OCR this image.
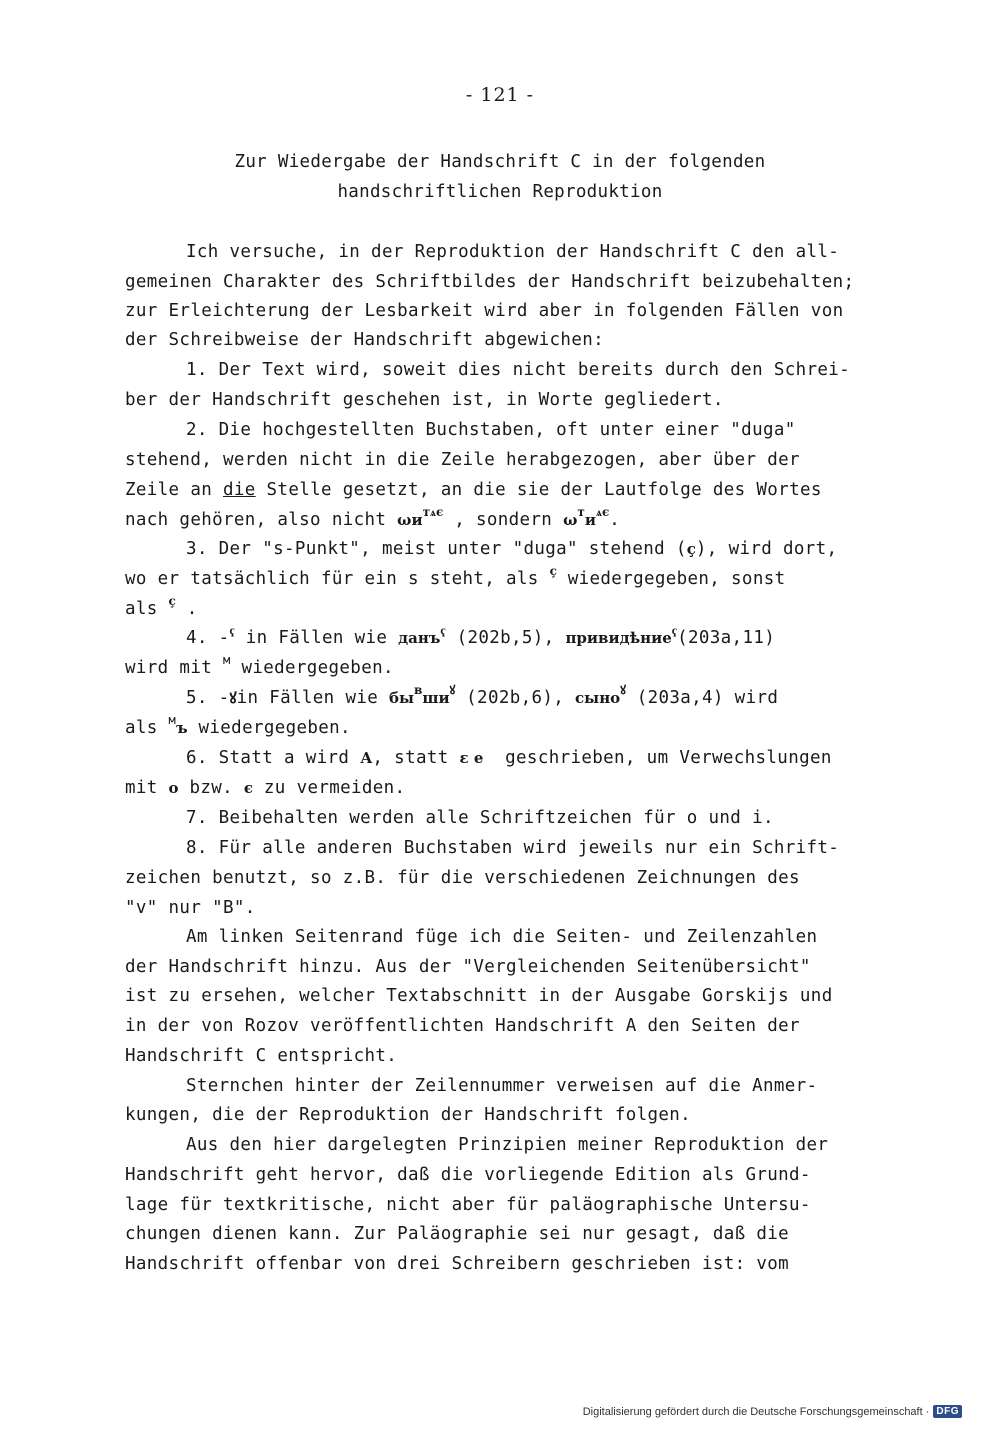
- 121 -
Zur Wiedergabe der Handschrift C in der folgenden
handschriftlichen Reproduktion
Ich versuche, in der Reproduktion der Handschrift C den all-
gemeinen Charakter des Schriftbildes der Handschrift beizubehalten;
zur Erleichterung der Lesbarkeit wird aber in folgenden Fällen von
der Schreibweise der Handschrift abgewichen:
1. Der Text wird, soweit dies nicht bereits durch den Schrei-
ber der Handschrift geschehen ist, in Worte gegliedert.
2. Die hochgestellten Buchstaben, oft unter einer "duga"
stehend, werden nicht in die Zeile herabgezogen, aber über der
Zeile an die Stelle gesetzt, an die sie der Lautfolge des Wortes
nach gehören, also nicht $\omega и^{тѧє}$ , sondern $\omega^ти^{ѧє}$.
3. Der "s-Punkt", meist unter "duga" stehend (ҫ), wird dort,
wo er tatsächlich für ein s steht, als $^ҫ$ wiedergegeben, sonst
als $^ҫ$ .
4. -$^ҁ$ in Fällen wie данъ$^ҁ$ (202b,5), привидѣние$^ҁ$(203a,11)
wird mit $^м$ wiedergegeben.
5. -ꙋin Fällen wie $бы^вши^ꙋ$ (202b,6), сыно$^ꙋ$ (203a,4) wird
als $^м$ъ wiedergegeben.
6. Statt a wird А, statt ε е  geschrieben, um Verwechslungen
mit о bzw. є zu vermeiden.
7. Beibehalten werden alle Schriftzeichen für o und i.
8. Für alle anderen Buchstaben wird jeweils nur ein Schrift-
zeichen benutzt, so z.B. für die verschiedenen Zeichnungen des
"v" nur "B".
Am linken Seitenrand füge ich die Seiten- und Zeilenzahlen
der Handschrift hinzu. Aus der "Vergleichenden Seitenübersicht"
ist zu ersehen, welcher Textabschnitt in der Ausgabe Gorskijs und
in der von Rozov veröffentlichten Handschrift A den Seiten der
Handschrift C entspricht.
Sternchen hinter der Zeilennummer verweisen auf die Anmer-
kungen, die der Reproduktion der Handschrift folgen.
Aus den hier dargelegten Prinzipien meiner Reproduktion der
Handschrift geht hervor, daß die vorliegende Edition als Grund-
lage für textkritische, nicht aber für paläographische Untersu-
chungen dienen kann. Zur Paläographie sei nur gesagt, daß die
Handschrift offenbar von drei Schreibern geschrieben ist: vom
Digitalisierung gefördert durch die Deutsche Forschungsgemeinschaft · DFG
